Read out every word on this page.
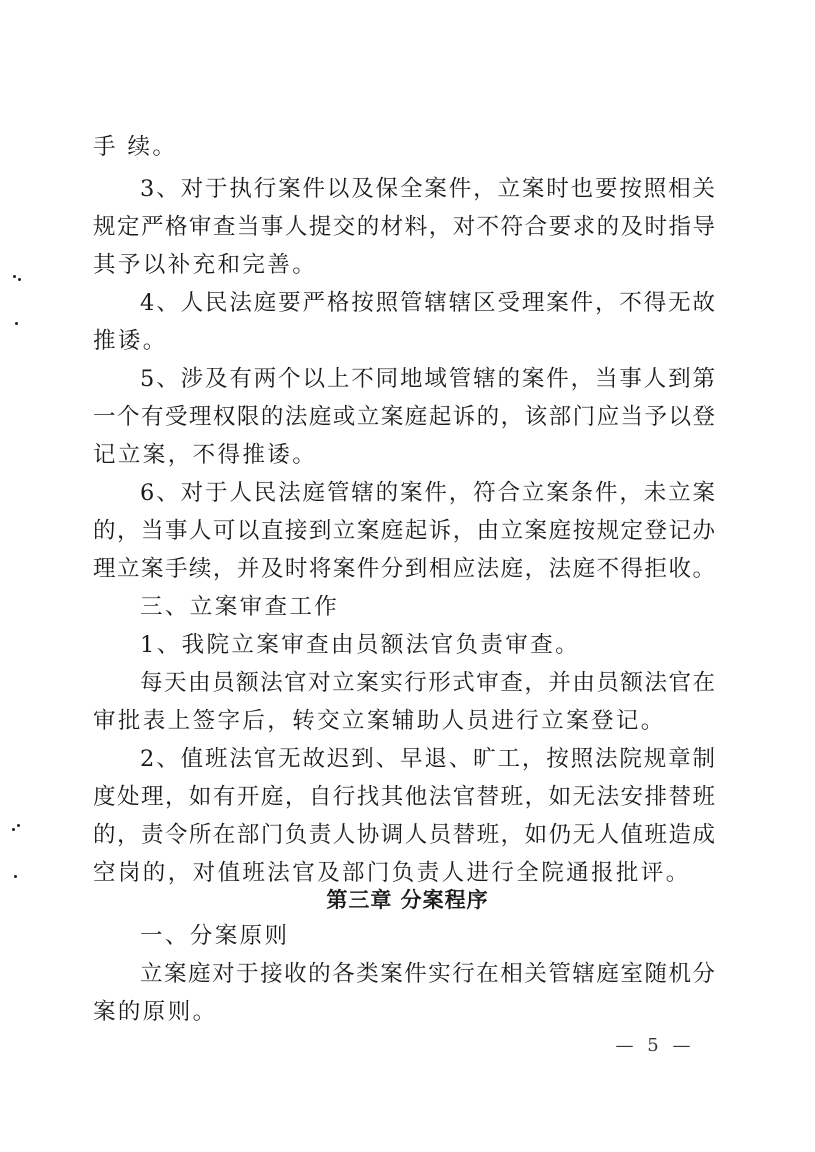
手 续。
3、对于执行案件以及保全案件，立案时也要按照相关
规定严格审查当事人提交的材料，对不符合要求的及时指导
其予以补充和完善。
4、人民法庭要严格按照管辖辖区受理案件，不得无故
推诿。
5、涉及有两个以上不同地域管辖的案件，当事人到第
一个有受理权限的法庭或立案庭起诉的，该部门应当予以登
记立案，不得推诿。
6、对于人民法庭管辖的案件，符合立案条件，未立案
的，当事人可以直接到立案庭起诉，由立案庭按规定登记办
理立案手续，并及时将案件分到相应法庭，法庭不得拒收。
三、立案审查工作
1、我院立案审查由员额法官负责审查。
每天由员额法官对立案实行形式审查，并由员额法官在
审批表上签字后，转交立案辅助人员进行立案登记。
2、值班法官无故迟到、早退、旷工，按照法院规章制
度处理，如有开庭，自行找其他法官替班，如无法安排替班
的，责令所在部门负责人协调人员替班，如仍无人值班造成
空岗的，对值班法官及部门负责人进行全院通报批评。
第三章 分案程序
一、分案原则
立案庭对于接收的各类案件实行在相关管辖庭室随机分
案的原则。
— 5 —
